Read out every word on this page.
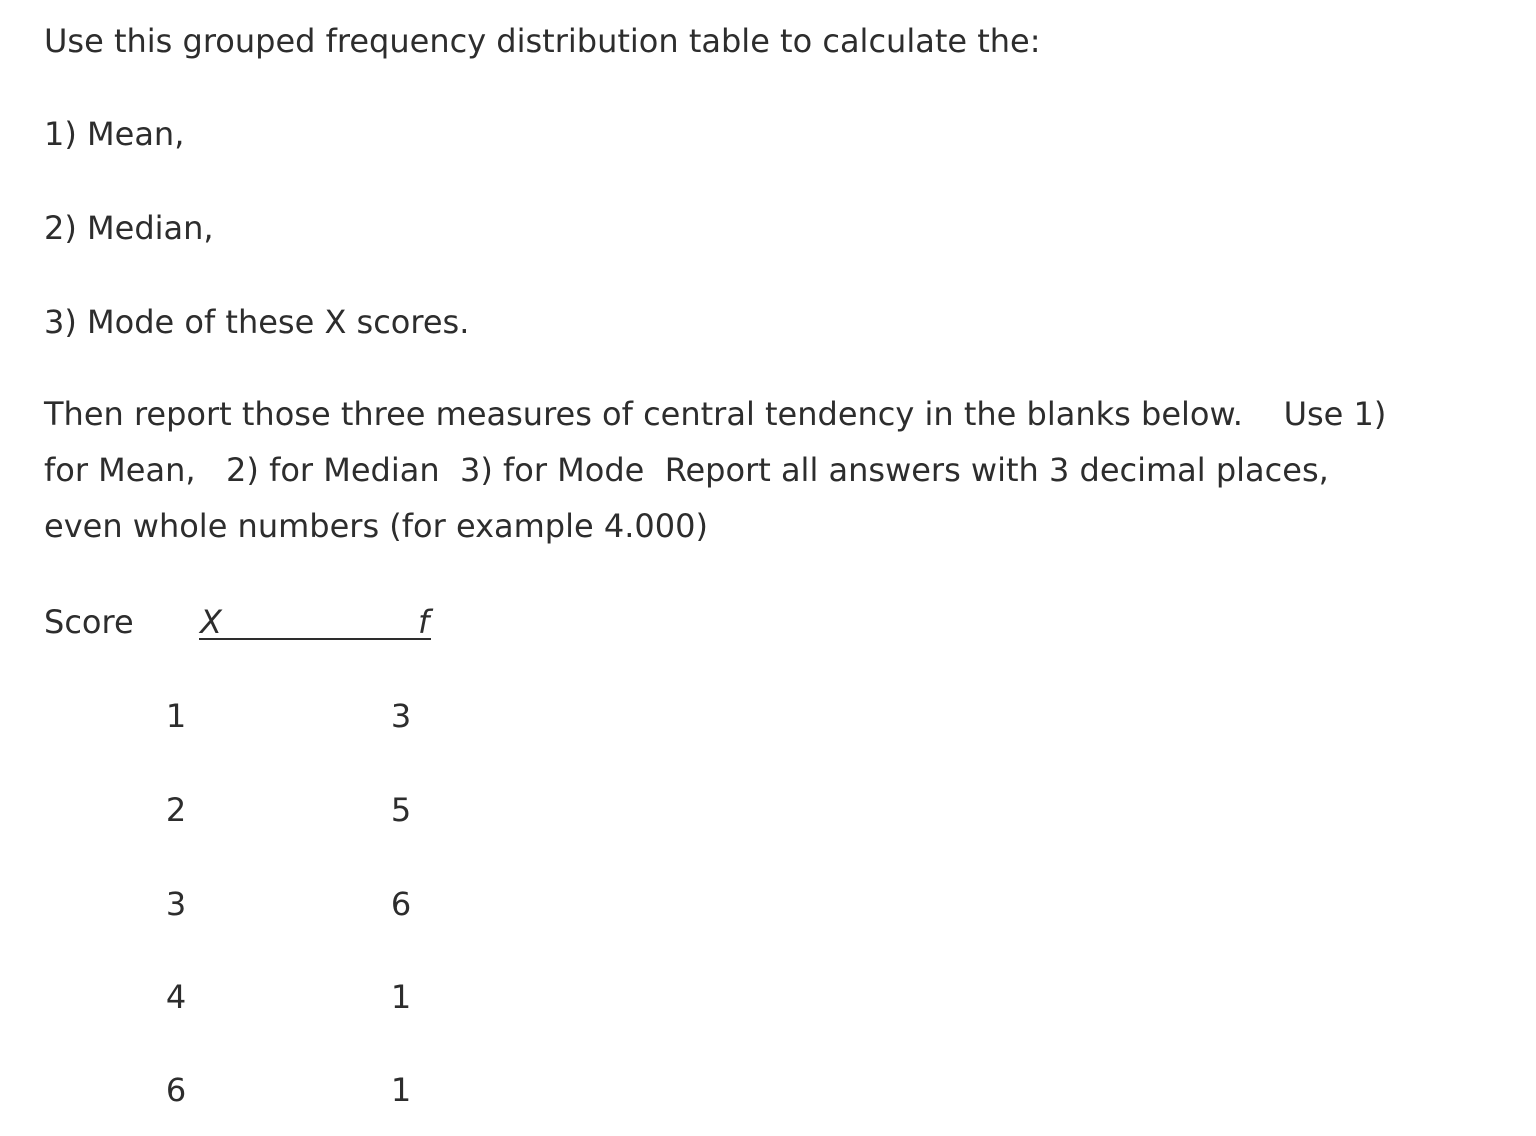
Use this grouped frequency distribution table to calculate the:

1) Mean,

2) Median,

3) Mode of these X scores.

Then report those three measures of central tendency in the blanks below.    Use 1)
for Mean,   2) for Median  3) for Mode  Report all answers with 3 decimal places,
even whole numbers (for example 4.000)
Score X	f
1	3
2	5
3	6
4	1
6	1
